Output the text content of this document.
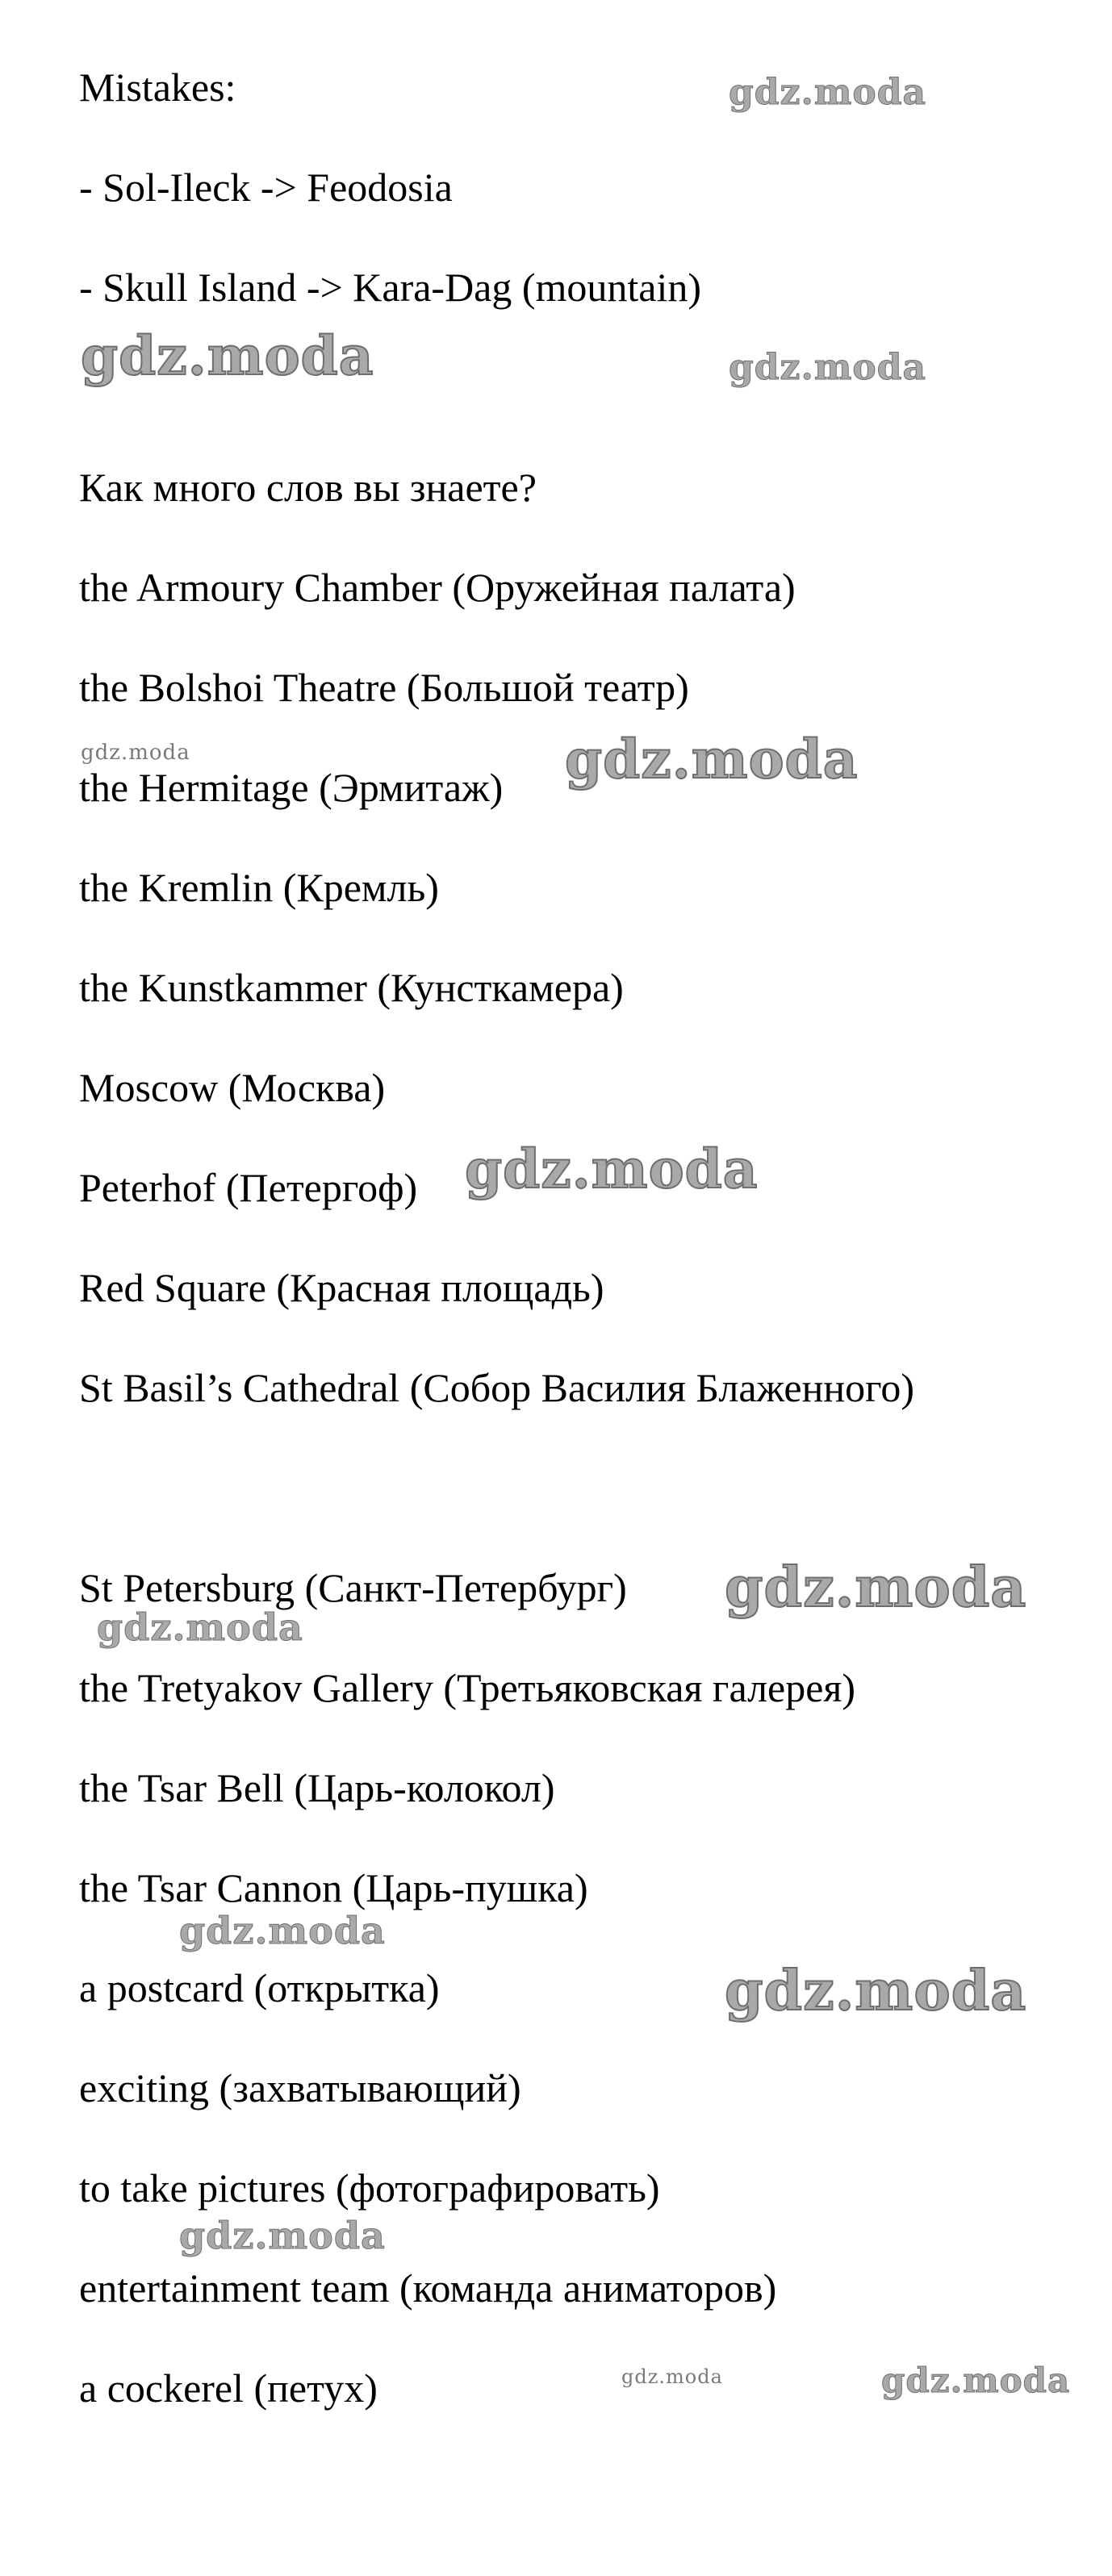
Mistakes:
- Sol-Ileck -> Feodosia
- Skull Island -> Kara-Dag (mountain)
Как много слов вы знаете?
the Armoury Chamber (Оружейная палата)
the Bolshoi Theatre (Большой театр)
the Hermitage (Эрмитаж)
the Kremlin (Кремль)
the Kunstkammer (Кунсткамера)
Moscow (Москва)
Peterhof (Петергоф)
Red Square (Красная площадь)
St Basil’s Cathedral (Собор Василия Блаженного)
St Petersburg (Санкт-Петербург)
the Tretyakov Gallery (Третьяковская галерея)
the Tsar Bell (Царь-колокол)
the Tsar Cannon (Царь-пушка)
a postcard (открытка)
exciting (захватывающий)
to take pictures (фотографировать)
entertainment team (команда аниматоров)
a cockerel (петух)
gdz.moda
gdz.moda	gdz.moda
gdz.moda	gdz.moda
gdz.moda
gdz.moda
gdz.moda
gdz.moda
gdz.moda
gdz.moda
gdz.moda	gdz.moda
